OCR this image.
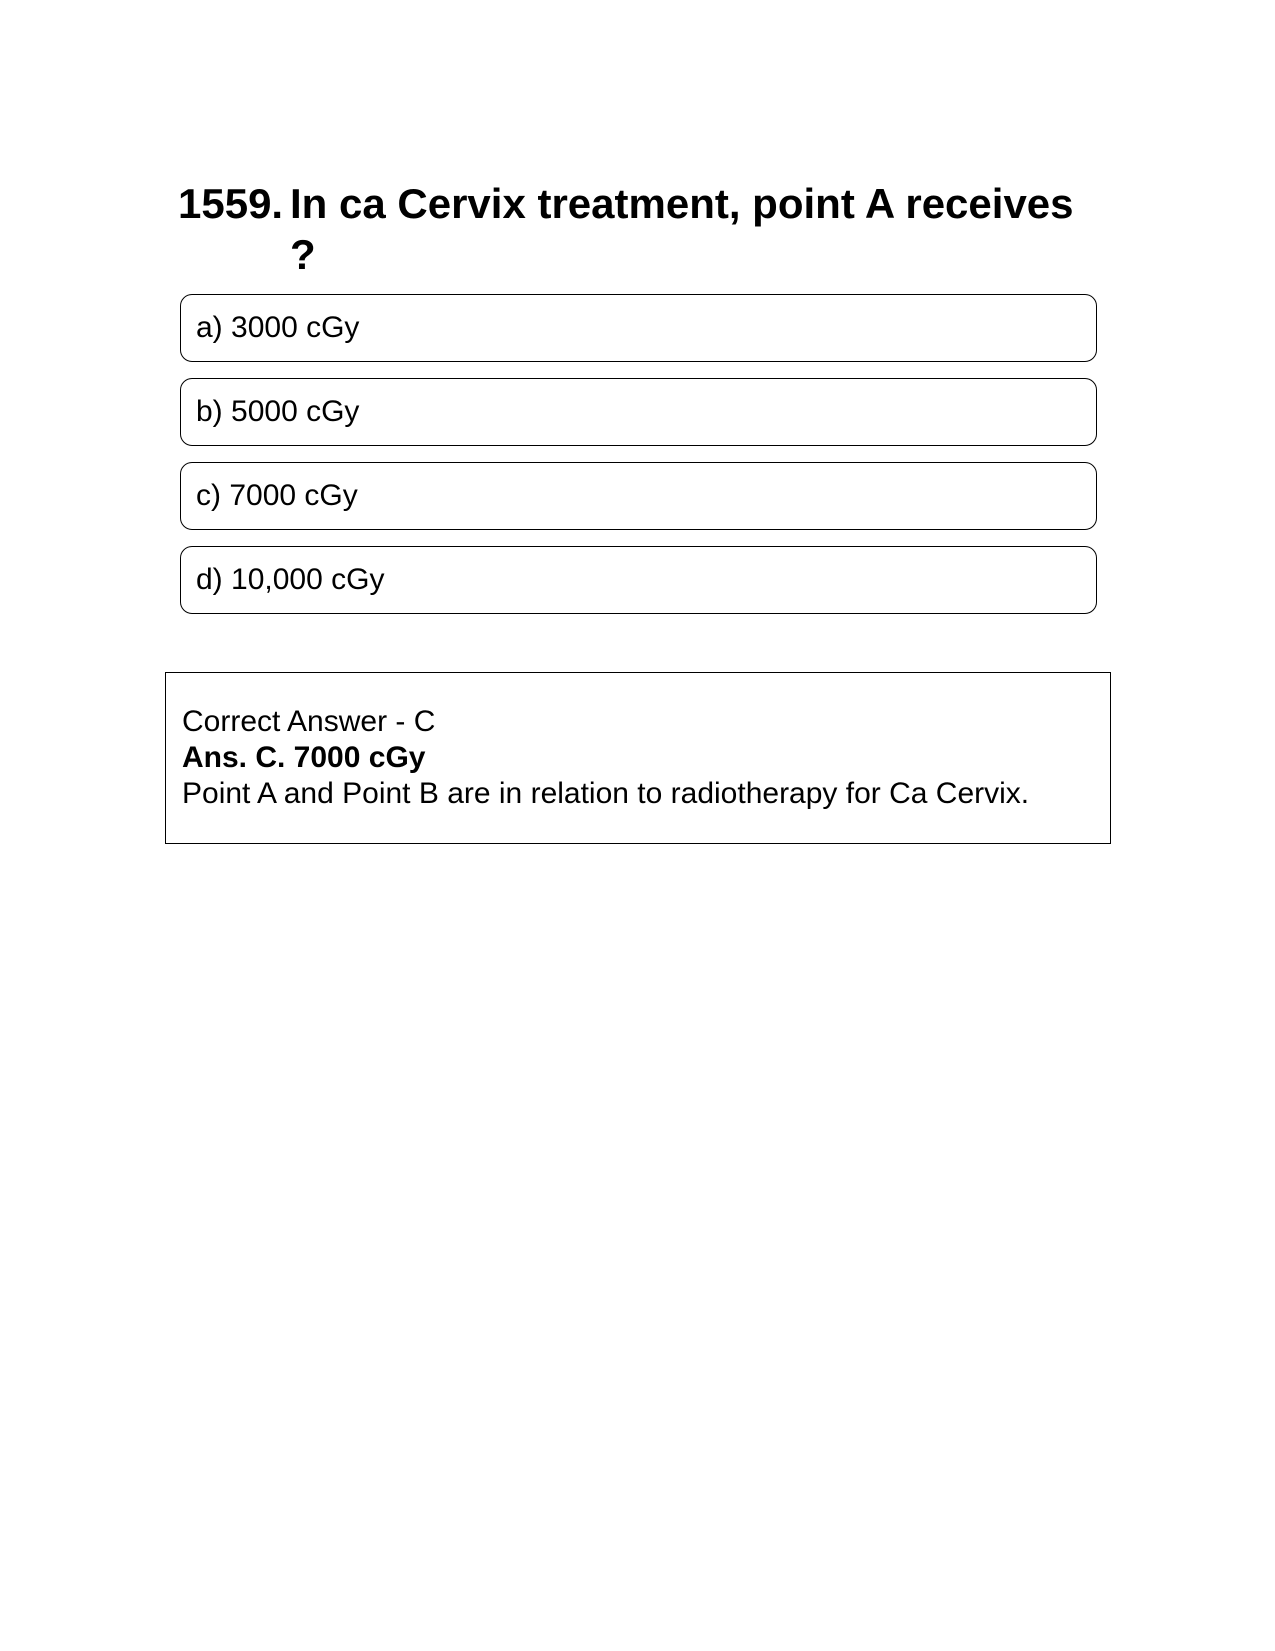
1559. In ca Cervix treatment, point A receives ?
a) 3000 cGy
b) 5000 cGy
c) 7000 cGy
d) 10,000 cGy
Correct Answer - C
Ans. C. 7000 cGy
Point A and Point B are in relation to radiotherapy for Ca Cervix.
